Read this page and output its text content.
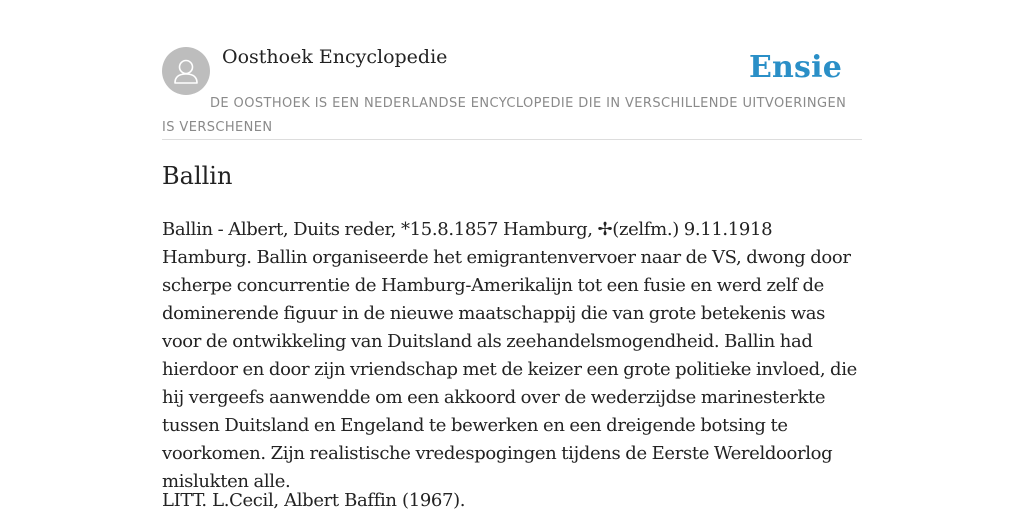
Oosthoek Encyclopedie	Ensie
DE OOSTHOEK IS EEN NEDERLANDSE ENCYCLOPEDIE DIE IN VERSCHILLENDE UITVOERINGEN IS VERSCHENEN
Ballin

Ballin - Albert, Duits reder, *15.8.1857 Hamburg, ✢(zelfm.) 9.11.1918 Hamburg. Ballin organiseerde het emigrantenvervoer naar de VS, dwong door scherpe concurrentie de Hamburg-Amerikalijn tot een fusie en werd zelf de dominerende figuur in de nieuwe maatschappij die van grote betekenis was voor de ontwikkeling van Duitsland als zeehandelsmogendheid. Ballin had hierdoor en door zijn vriendschap met de keizer een grote politieke invloed, die hij vergeefs aanwendde om een akkoord over de wederzijdse marinesterkte tussen Duitsland en Engeland te bewerken en een dreigende botsing te voorkomen. Zijn realistische vredespogingen tijdens de Eerste Wereldoorlog mislukten alle.

LITT. L.Cecil, Albert Baffin (1967).
